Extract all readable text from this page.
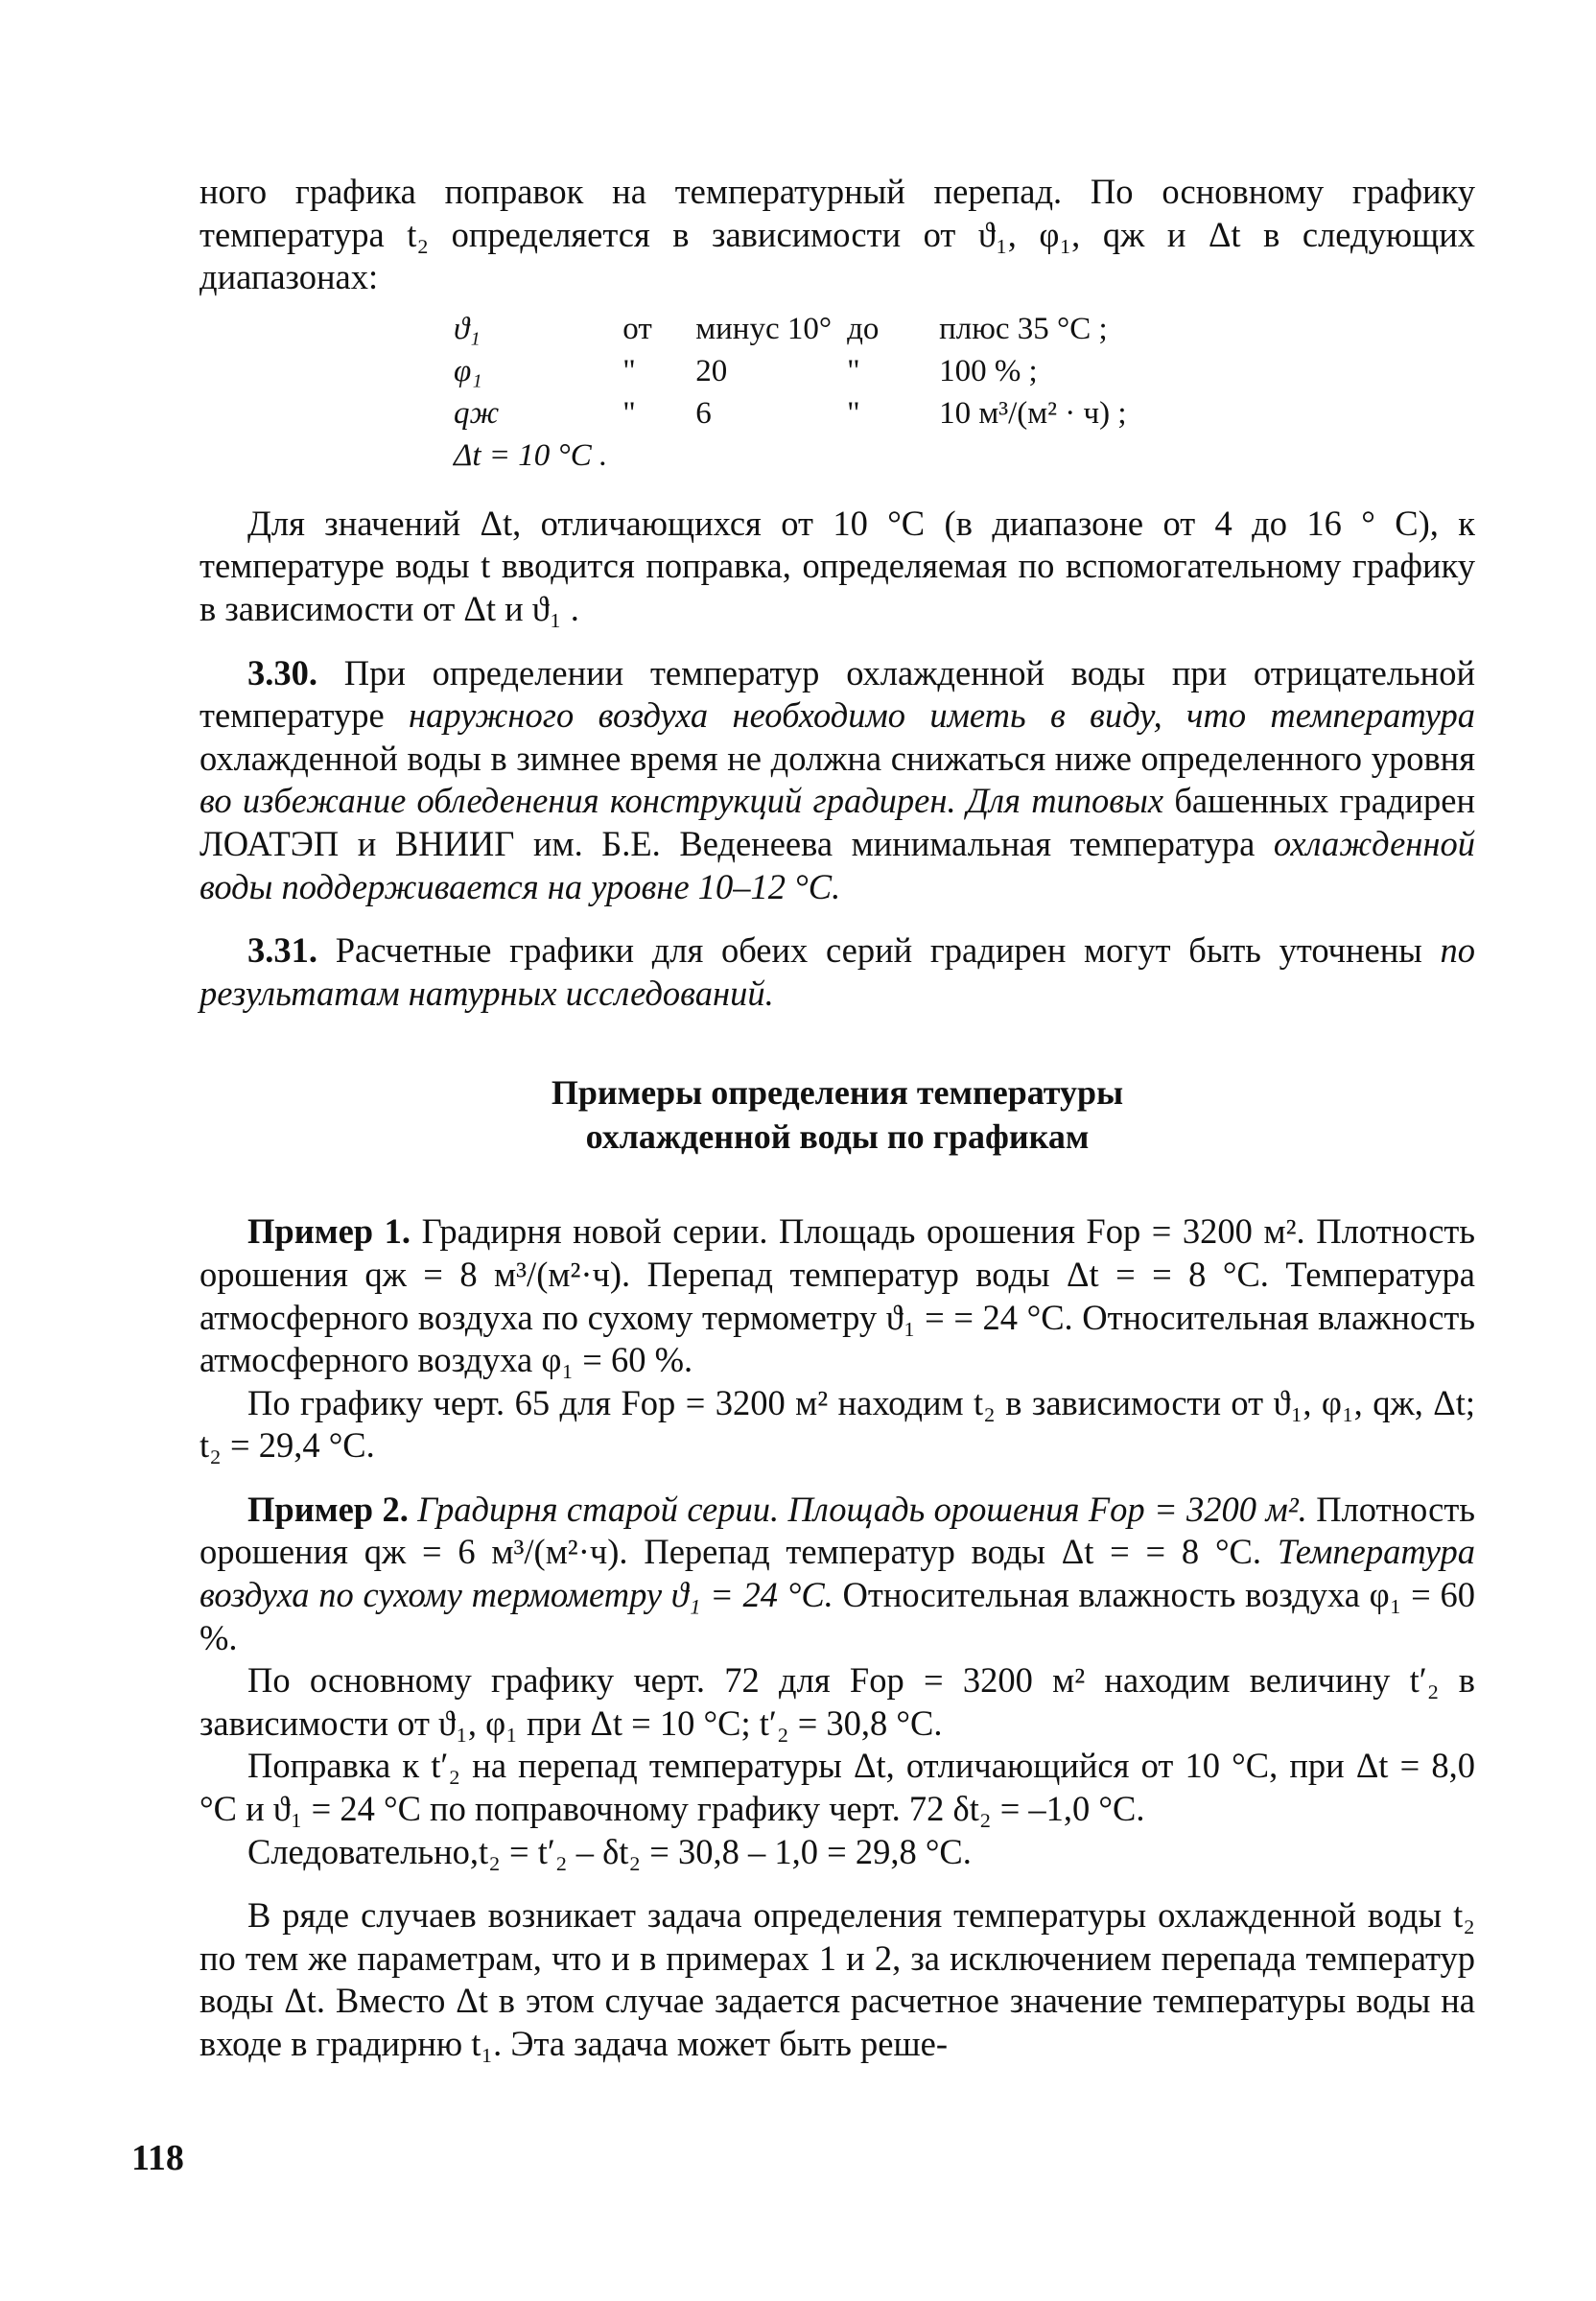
ного графика поправок на температурный перепад. По основному графику температура t₂ определяется в зависимости от ϑ₁, φ₁, qж и Δt в следующих диапазонах:

ϑ₁	от	минус 10°	до	плюс 35 °С ;
φ₁	"	20	"	100 % ;
qж	"	6	"	10 м³/(м² · ч) ;
Δt = 10 °С .				

Для значений Δt, отличающихся от 10 °С (в диапазоне от 4 до 16 ° С), к температуре воды t вводится поправка, определяемая по вспомогательному графику в зависимости от Δt и ϑ₁ .

3.30. При определении температур охлажденной воды при отрицательной температуре наружного воздуха необходимо иметь в виду, что температура охлажденной воды в зимнее время не должна снижаться ниже определенного уровня во избежание обледенения конструкций градирен. Для типовых башенных градирен ЛОАТЭП и ВНИИГ им. Б.Е. Веденеева минимальная температура охлажденной воды поддерживается на уровне 10–12 °С.

3.31. Расчетные графики для обеих серий градирен могут быть уточнены по результатам натурных исследований.

Примеры определения температуры
охлажденной воды по графикам

Пример 1. Градирня новой серии. Площадь орошения Fор = 3200 м². Плотность орошения qж = 8 м³/(м²·ч). Перепад температур воды Δt = = 8 °С. Температура атмосферного воздуха по сухому термометру ϑ₁ = = 24 °С. Относительная влажность атмосферного воздуха φ₁ = 60 %.

По графику черт. 65 для Fор = 3200 м² находим t₂ в зависимости от ϑ₁, φ₁, qж, Δt; t₂ = 29,4 °С.

Пример 2. Градирня старой серии. Площадь орошения Fор = 3200 м². Плотность орошения qж = 6 м³/(м²·ч). Перепад температур воды Δt = = 8 °С. Температура воздуха по сухому термометру ϑ₁ = 24 °С. Относительная влажность воздуха φ₁ = 60 %.

По основному графику черт. 72 для Fор = 3200 м² находим величину t′₂ в зависимости от ϑ₁, φ₁ при Δt = 10 °С; t′₂ = 30,8 °С.

Поправка к t′₂ на перепад температуры Δt, отличающийся от 10 °С, при Δt = 8,0 °С и ϑ₁ = 24 °С по поправочному графику черт. 72 δt₂ = –1,0 °С.

Следовательно,t₂ = t′₂ – δt₂ = 30,8 – 1,0 = 29,8 °С.

В ряде случаев возникает задача определения температуры охлажденной воды t₂ по тем же параметрам, что и в примерах 1 и 2, за исключением перепада температур воды Δt. Вместо Δt в этом случае задается расчетное значение температуры воды на входе в градирню t₁. Эта задача может быть реше-

118
